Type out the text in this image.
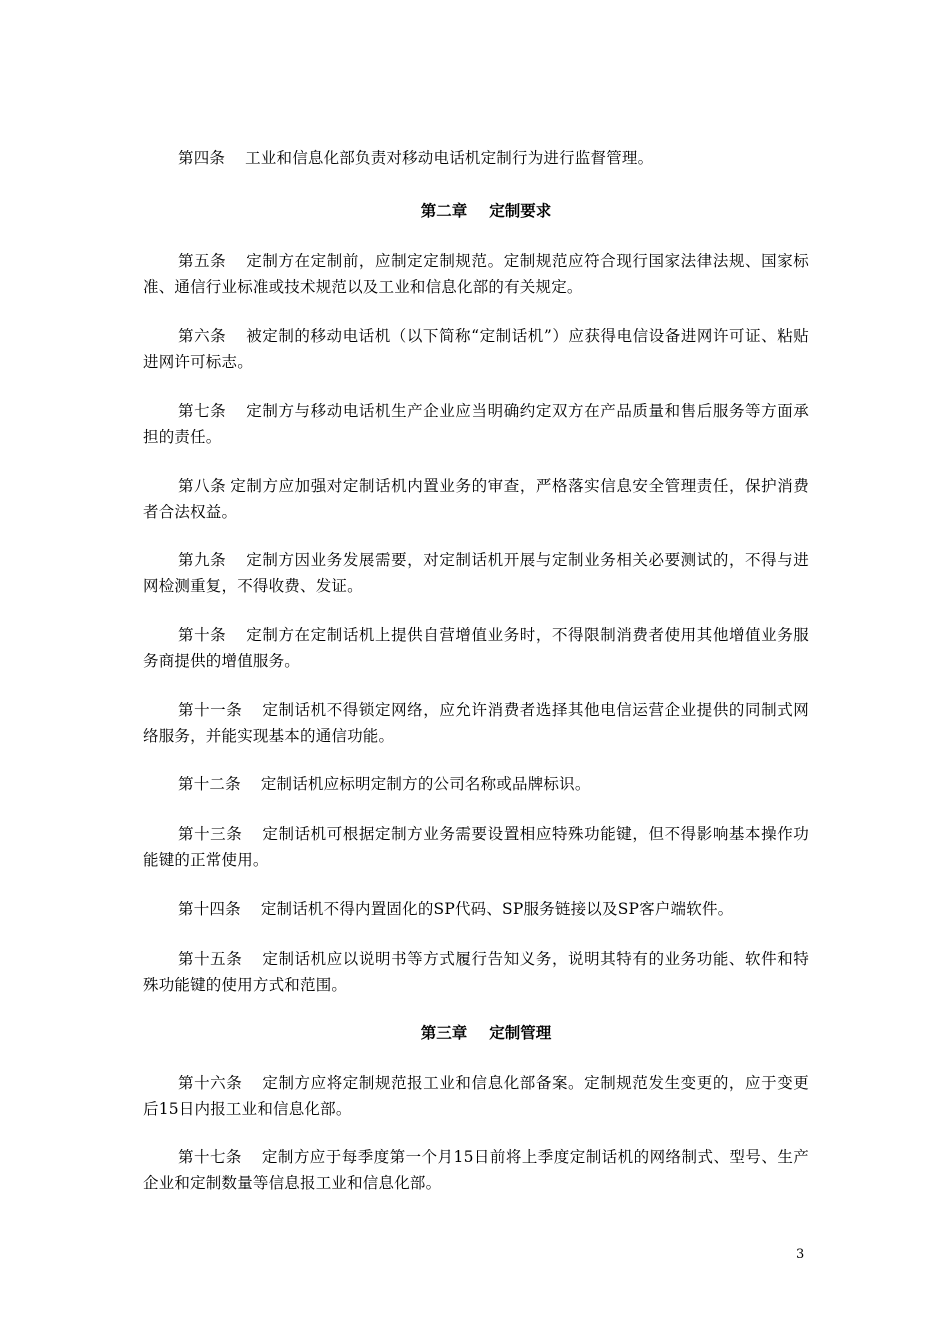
第四条 工业和信息化部负责对移动电话机定制行为进行监督管理。

第二章 定制要求

第五条 定制方在定制前，应制定定制规范。定制规范应符合现行国家法律法规、国家标准、通信行业标准或技术规范以及工业和信息化部的有关规定。

第六条 被定制的移动电话机（以下简称“定制话机”）应获得电信设备进网许可证、粘贴进网许可标志。

第七条 定制方与移动电话机生产企业应当明确约定双方在产品质量和售后服务等方面承担的责任。

第八条 定制方应加强对定制话机内置业务的审查，严格落实信息安全管理责任，保护消费者合法权益。

第九条 定制方因业务发展需要，对定制话机开展与定制业务相关必要测试的，不得与进网检测重复，不得收费、发证。

第十条 定制方在定制话机上提供自营增值业务时，不得限制消费者使用其他增值业务服务商提供的增值服务。

第十一条 定制话机不得锁定网络，应允许消费者选择其他电信运营企业提供的同制式网络服务，并能实现基本的通信功能。

第十二条 定制话机应标明定制方的公司名称或品牌标识。

第十三条 定制话机可根据定制方业务需要设置相应特殊功能键，但不得影响基本操作功能键的正常使用。

第十四条 定制话机不得内置固化的SP代码、SP服务链接以及SP客户端软件。

第十五条 定制话机应以说明书等方式履行告知义务，说明其特有的业务功能、软件和特殊功能键的使用方式和范围。

第三章 定制管理

第十六条 定制方应将定制规范报工业和信息化部备案。定制规范发生变更的，应于变更后15日内报工业和信息化部。

第十七条 定制方应于每季度第一个月15日前将上季度定制话机的网络制式、型号、生产企业和定制数量等信息报工业和信息化部。

3
